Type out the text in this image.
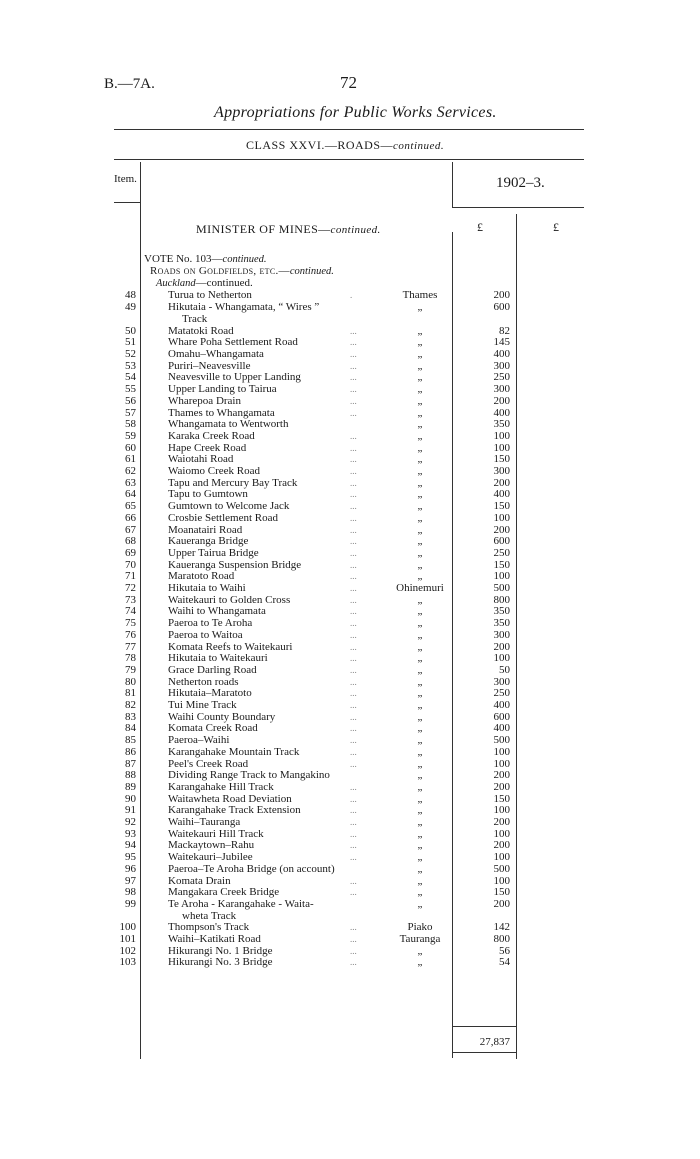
B.—7A.	72
Appropriations for Public Works Services.
CLASS XXVI.—ROADS—continued.
Item.	1902–3.
MINISTER OF MINES—continued.	£	£
VOTE No. 103—continued.
Roads on Goldfields, etc.—continued.
Auckland—continued.
48	Turua to Netherton	.	Thames	200
49	Hikutaia - Whangamata, “ Wires ”	„	600
Track
50	Matatoki Road	...	„	82
51	Whare Poha Settlement Road	...	„	145
52	Omahu–Whangamata	...	„	400
53	Puriri–Neavesville	...	„	300
54	Neavesville to Upper Landing	...	„	250
55	Upper Landing to Tairua	...	„	300
56	Wharepoa Drain	...	„	200
57	Thames to Whangamata	...	„	400
58	Whangamata to Wentworth	„	350
59	Karaka Creek Road	...	„	100
60	Hape Creek Road	...	„	100
61	Waiotahi Road	...	„	150
62	Waiomo Creek Road	...	„	300
63	Tapu and Mercury Bay Track	...	„	200
64	Tapu to Gumtown	...	„	400
65	Gumtown to Welcome Jack	...	„	150
66	Crosbie Settlement Road	...	„	100
67	Moanatairi Road	...	„	200
68	Kaueranga Bridge	...	„	600
69	Upper Tairua Bridge	...	„	250
70	Kaueranga Suspension Bridge	...	„	150
71	Maratoto Road	...	„	100
72	Hikutaia to Waihi	...	Ohinemuri	500
73	Waitekauri to Golden Cross	...	„	800
74	Waihi to Whangamata	...	„	350
75	Paeroa to Te Aroha	...	„	350
76	Paeroa to Waitoa	...	„	300
77	Komata Reefs to Waitekauri	...	„	200
78	Hikutaia to Waitekauri	...	„	100
79	Grace Darling Road	...	„	50
80	Netherton roads	...	„	300
81	Hikutaia–Maratoto	...	„	250
82	Tui Mine Track	...	„	400
83	Waihi County Boundary	...	„	600
84	Komata Creek Road	...	„	400
85	Paeroa–Waihi	...	„	500
86	Karangahake Mountain Track	...	„	100
87	Peel's Creek Road	...	„	100
88	Dividing Range Track to Mangakino	„	200
89	Karangahake Hill Track	...	„	200
90	Waitawheta Road Deviation	...	„	150
91	Karangahake Track Extension	...	„	100
92	Waihi–Tauranga	...	„	200
93	Waitekauri Hill Track	...	„	100
94	Mackaytown–Rahu	...	„	200
95	Waitekauri–Jubilee	...	„	100
96	Paeroa–Te Aroha Bridge (on account)	„	500
97	Komata Drain	...	„	100
98	Mangakara Creek Bridge	...	„	150
99	Te Aroha - Karangahake - Waita-	„	200
wheta Track
100	Thompson's Track	...	Piako	142
101	Waihi–Katikati Road	...	Tauranga	800
102	Hikurangi No. 1 Bridge	...	„	56
103	Hikurangi No. 3 Bridge	...	„	54
27,837
